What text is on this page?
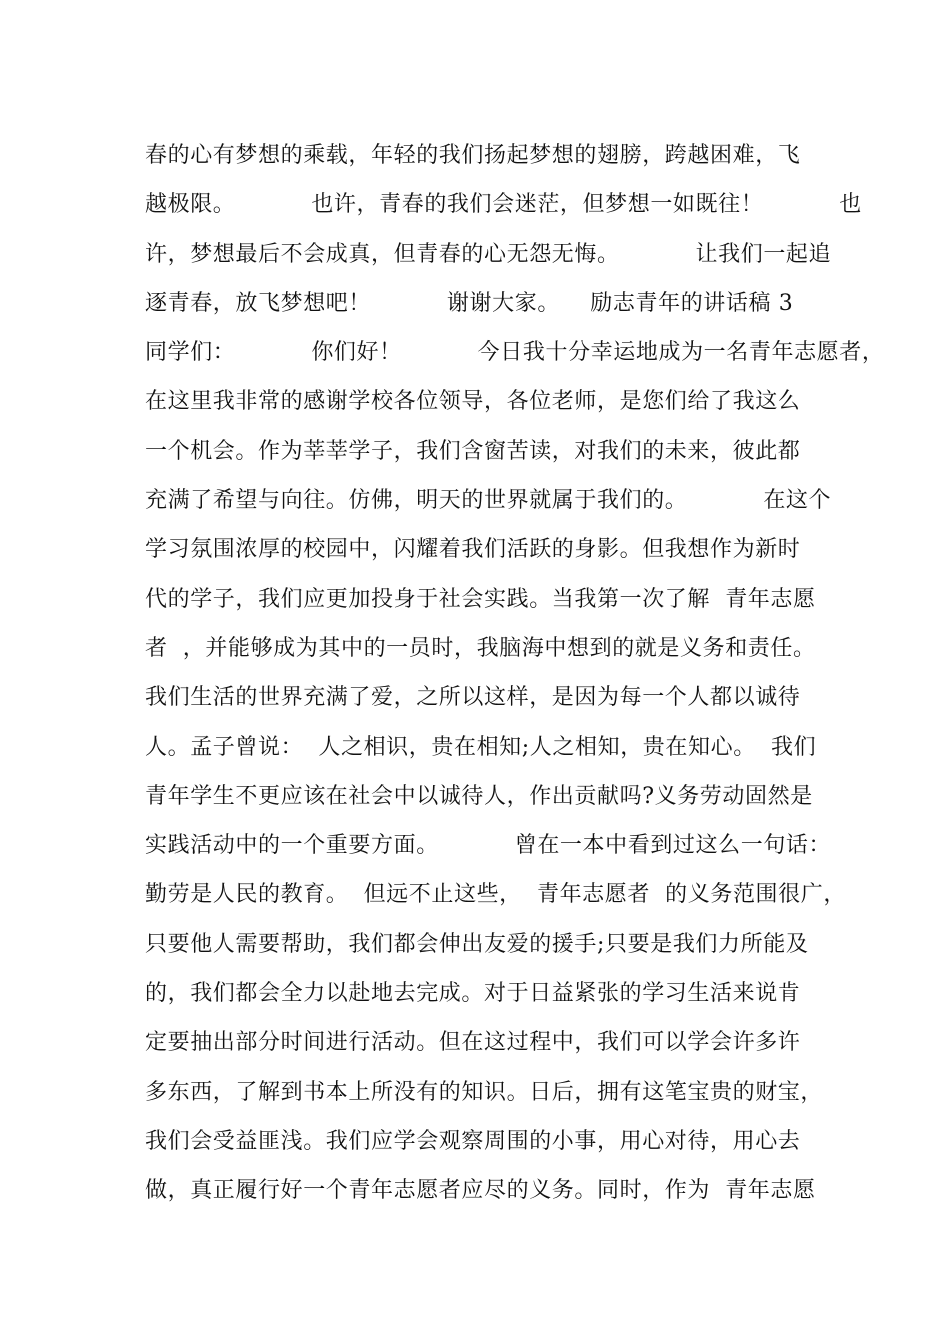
春的心有梦想的乘载，年轻的我们扬起梦想的翅膀，跨越困难，飞
越极限。          也许，青春的我们会迷茫，但梦想一如既往！          也
许，梦想最后不会成真，但青春的心无怨无悔。          让我们一起追
逐青春，放飞梦想吧！          谢谢大家。    励志青年的讲话稿 3
同学们：          你们好！          今日我十分幸运地成为一名青年志愿者，
在这里我非常的感谢学校各位领导，各位老师，是您们给了我这么
一个机会。作为莘莘学子，我们含窗苦读，对我们的未来，彼此都
充满了希望与向往。仿佛，明天的世界就属于我们的。          在这个
学习氛围浓厚的校园中，闪耀着我们活跃的身影。但我想作为新时
代的学子，我们应更加投身于社会实践。当我第一次了解  青年志愿
者  ，并能够成为其中的一员时，我脑海中想到的就是义务和责任。
我们生活的世界充满了爱，之所以这样，是因为每一个人都以诚待
人。孟子曾说：  人之相识，贵在相知;人之相知，贵在知心。  我们
青年学生不更应该在社会中以诚待人，作出贡献吗?义务劳动固然是
实践活动中的一个重要方面。          曾在一本中看到过这么一句话：
勤劳是人民的教育。  但远不止这些，  青年志愿者  的义务范围很广，
只要他人需要帮助，我们都会伸出友爱的援手;只要是我们力所能及
的，我们都会全力以赴地去完成。对于日益紧张的学习生活来说肯
定要抽出部分时间进行活动。但在这过程中，我们可以学会许多许
多东西，了解到书本上所没有的知识。日后，拥有这笔宝贵的财宝，
我们会受益匪浅。我们应学会观察周围的小事，用心对待，用心去
做，真正履行好一个青年志愿者应尽的义务。同时，作为  青年志愿
